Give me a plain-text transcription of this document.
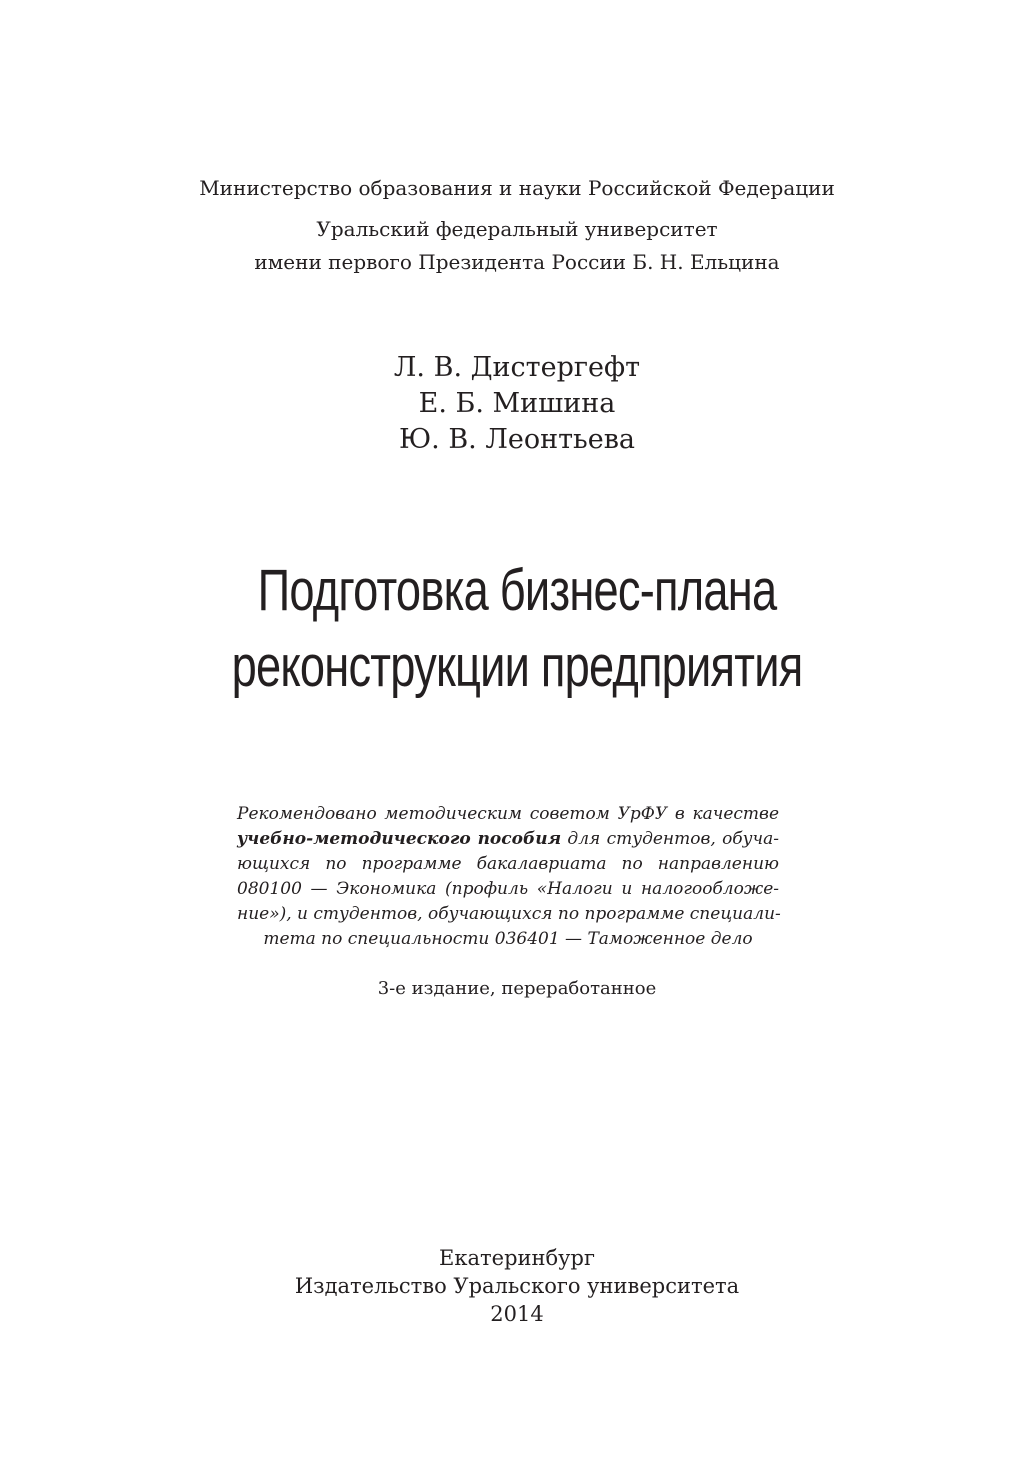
Министерство образования и науки Российской Федерации
Уральский федеральный университет
имени первого Президента России Б. Н. Ельцина
Л. В. Дистергефт
Е. Б. Мишина
Ю. В. Леонтьева
Подготовка бизнес-плана
реконструкции предприятия
Рекомендовано методическим советом УрФУ в качестве
учебно-методического пособия для студентов, обуча-
ющихся по программе бакалавриата по направлению
080100 — Экономика (профиль «Налоги и налогообложе-
ние»), и студентов, обучающихся по программе специали-
тета по специальности 036401 — Таможенное дело
3-е издание, переработанное
Екатеринбург
Издательство Уральского университета
2014
